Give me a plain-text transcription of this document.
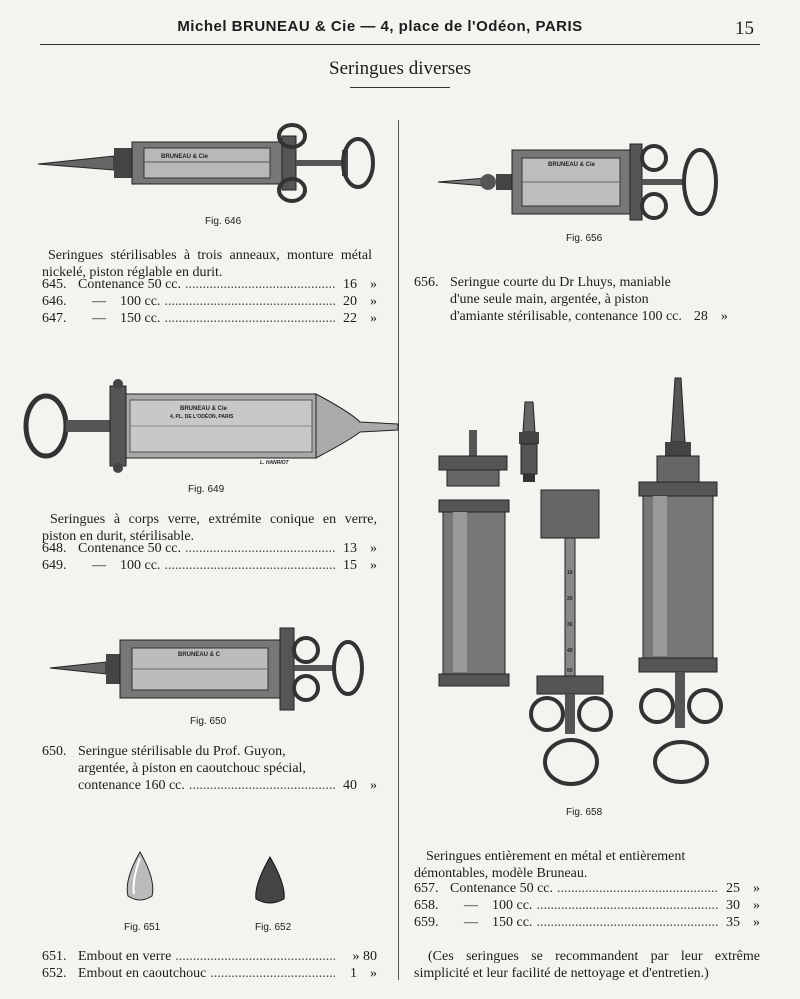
Michel BRUNEAU & Cie — 4, place de l'Odéon, PARIS	15
Seringues diverses
BRUNEAU & Cie
Fig. 646
Seringues stérilisables à trois anneaux, monture métal nickelé, piston réglable en durit.
645. Contenance 50 cc. .....	16 »
646.	—	100 cc. .....	20 »
647.	—	150 cc. .....	22 »
BRUNEAU & Cie
4, PL. DE L'ODÉON, PARIS
L. HANRIOT
Fig. 649
Seringues à corps verre, extrémite conique en verre, piston en durit, stérilisable.
648. Contenance 50 cc. .....	13 »
649.	—	100 cc. .....	15 »
BRUNEAU & C
Fig. 650
650. Seringue stérilisable du Prof. Guyon,
argentée, à piston en caoutchouc spécial,
contenance 160 cc. .....	40 »
Fig. 651	Fig. 652
651. Embout en verre .....	» 80
652. Embout en caoutchouc .....	1 »
BRUNEAU & Cie
Fig. 656
656. Seringue courte du Dr Lhuys, maniable
d'une seule main, argentée, à piston
d'amiante stérilisable, contenance 100 cc. 28 »
10
20
30
40
50
Fig. 658
Seringues entièrement en métal et entièrement démontables, modèle Bruneau.
657. Contenance 50 cc. .....	25 »
658.	—	100 cc. .....	30 »
659.	—	150 cc. .....	35 »
(Ces seringues se recommandent par leur extrême simplicité et leur facilité de nettoyage et d'entretien.)
